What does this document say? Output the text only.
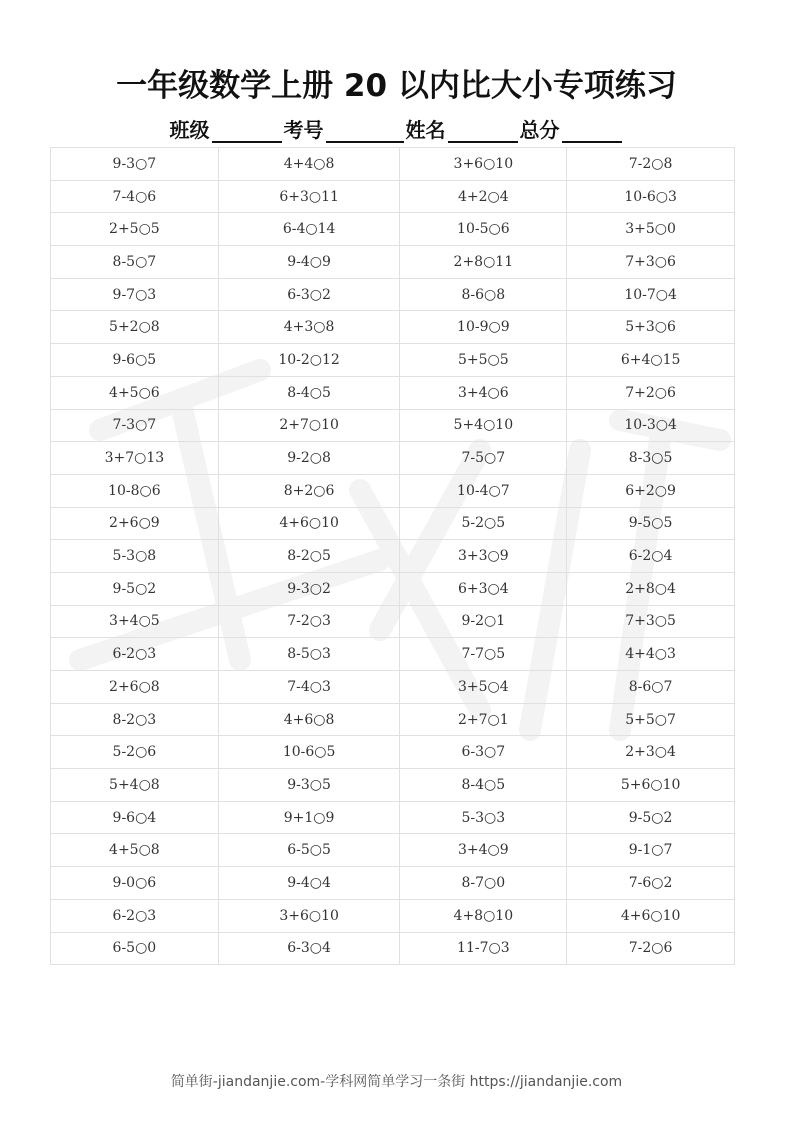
一年级数学上册 20 以内比大小专项练习
班级	考号	姓名	总分
9-3○7	4+4○8	3+6○10	7-2○8
7-4○6	6+3○11	4+2○4	10-6○3
2+5○5	6-4○14	10-5○6	3+5○0
8-5○7	9-4○9	2+8○11	7+3○6
9-7○3	6-3○2	8-6○8	10-7○4
5+2○8	4+3○8	10-9○9	5+3○6
9-6○5	10-2○12	5+5○5	6+4○15
4+5○6	8-4○5	3+4○6	7+2○6
7-3○7	2+7○10	5+4○10	10-3○4
3+7○13	9-2○8	7-5○7	8-3○5
10-8○6	8+2○6	10-4○7	6+2○9
2+6○9	4+6○10	5-2○5	9-5○5
5-3○8	8-2○5	3+3○9	6-2○4
9-5○2	9-3○2	6+3○4	2+8○4
3+4○5	7-2○3	9-2○1	7+3○5
6-2○3	8-5○3	7-7○5	4+4○3
2+6○8	7-4○3	3+5○4	8-6○7
8-2○3	4+6○8	2+7○1	5+5○7
5-2○6	10-6○5	6-3○7	2+3○4
5+4○8	9-3○5	8-4○5	5+6○10
9-6○4	9+1○9	5-3○3	9-5○2
4+5○8	6-5○5	3+4○9	9-1○7
9-0○6	9-4○4	8-7○0	7-6○2
6-2○3	3+6○10	4+8○10	4+6○10
6-5○0	6-3○4	11-7○3	7-2○6
简单街-jiandanjie.com-学科网简单学习一条街 https://jiandanjie.com
